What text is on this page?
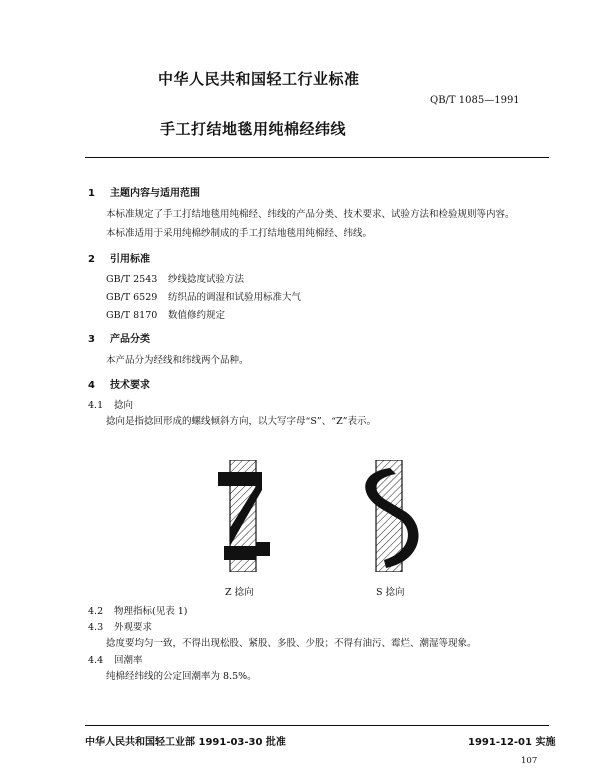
中华人民共和国轻工行业标准
QB/T 1085—1991
手工打结地毯用纯棉经纬线
1 主题内容与适用范围
本标准规定了手工打结地毯用纯棉经、纬线的产品分类、技术要求、试验方法和检验规则等内容。
本标准适用于采用纯棉纱制成的手工打结地毯用纯棉经、纬线。
2 引用标准
GB/T 2543 纱线捻度试验方法
GB/T 6529 纺织品的调湿和试验用标准大气
GB/T 8170 数值修约规定
3 产品分类
本产品分为经线和纬线两个品种。
4 技术要求
4.1 捻向
捻向是指捻回形成的螺线倾斜方向，以大写字母“S”、“Z”表示。
Z 捻向	S 捻向
4.2 物理指标(见表 1)
4.3 外观要求
捻度要均匀一致，不得出现松股、紧股、多股、少股；不得有油污、霉烂、潮湿等现象。
4.4 回潮率
纯棉经纬线的公定回潮率为 8.5%。
中华人民共和国轻工业部 1991-03-30 批准	1991-12-01 实施
107
